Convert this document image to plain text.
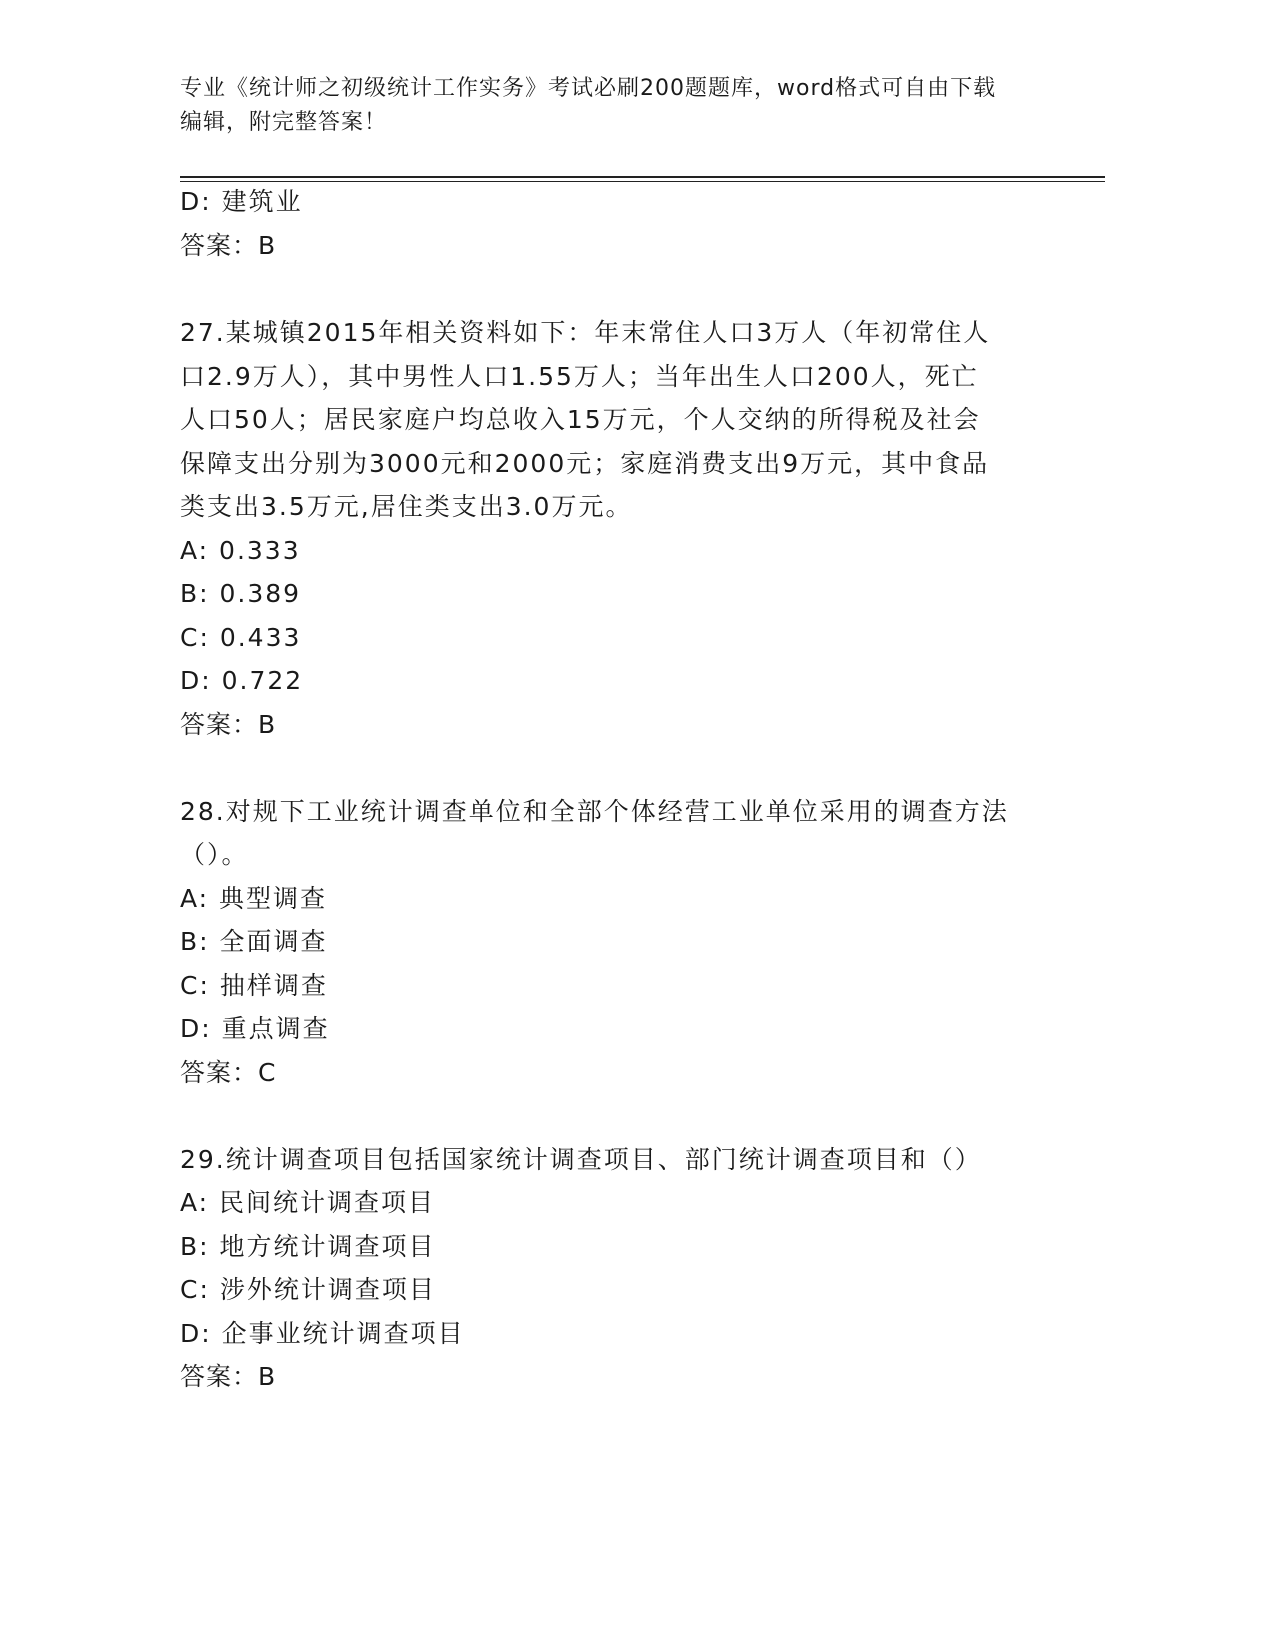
专业《统计师之初级统计工作实务》考试必刷200题题库，word格式可自由下载
编辑，附完整答案！
D: 建筑业
答案：B
27.某城镇2015年相关资料如下：年末常住人口3万人（年初常住人
口2.9万人），其中男性人口1.55万人；当年出生人口200人，死亡
人口50人；居民家庭户均总收入15万元，个人交纳的所得税及社会
保障支出分别为3000元和2000元；家庭消费支出9万元，其中食品
类支出3.5万元,居住类支出3.0万元。
A: 0.333
B: 0.389
C: 0.433
D: 0.722
答案：B
28.对规下工业统计调查单位和全部个体经营工业单位采用的调查方法
（）。
A: 典型调查
B: 全面调查
C: 抽样调查
D: 重点调查
答案：C
29.统计调查项目包括国家统计调查项目、部门统计调查项目和（）
A: 民间统计调查项目
B: 地方统计调查项目
C: 涉外统计调查项目
D: 企事业统计调查项目
答案：B
